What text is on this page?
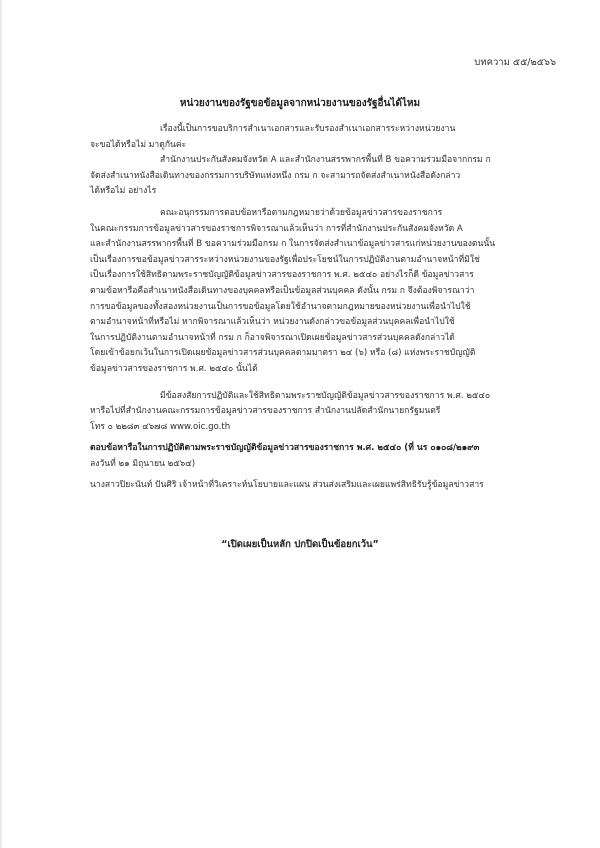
บทความ ๕๕/๒๕๖๖
หน่วยงานของรัฐขอข้อมูลจากหน่วยงานของรัฐอื่นได้ไหม
เรื่องนี้เป็นการขอบริการสำเนาเอกสารและรับรองสำเนาเอกสารระหว่างหน่วยงาน
จะขอได้หรือไม่ มาดูกันค่ะ
สำนักงานประกันสังคมจังหวัด A และสำนักงานสรรพากรพื้นที่ B ขอความร่วมมือจากกรม ก
จัดส่งสำเนาหนังสือเดินทางของกรรมการบริษัทแห่งหนึ่ง กรม ก จะสามารถจัดส่งสำเนาหนังสือดังกล่าว
ได้หรือไม่ อย่างไร
คณะอนุกรรมการตอบข้อหารือตามกฎหมายว่าด้วยข้อมูลข่าวสารของราชการ
ในคณะกรรมการข้อมูลข่าวสารของราชการพิจารณาแล้วเห็นว่า การที่สำนักงานประกันสังคมจังหวัด A
และสำนักงานสรรพากรพื้นที่ B ขอความร่วมมือกรม ก ในการจัดส่งสำเนาข้อมูลข่าวสารแก่หน่วยงานของตนนั้น
เป็นเรื่องการขอข้อมูลข่าวสารระหว่างหน่วยงานของรัฐเพื่อประโยชน์ในการปฏิบัติงานตามอำนาจหน้าที่มิใช่
เป็นเรื่องการใช้สิทธิตามพระราชบัญญัติข้อมูลข่าวสารของราชการ พ.ศ. ๒๕๔๐ อย่างไรก็ดี ข้อมูลข่าวสาร
ตามข้อหารือคือสำเนาหนังสือเดินทางของบุคคลหรือเป็นข้อมูลส่วนบุคคล ดังนั้น กรม ก จึงต้องพิจารณาว่า
การขอข้อมูลของทั้งสองหน่วยงานเป็นการขอข้อมูลโดยใช้อำนาจตามกฎหมายของหน่วยงานเพื่อนำไปใช้
ตามอำนาจหน้าที่หรือไม่ หากพิจารณาแล้วเห็นว่า หน่วยงานดังกล่าวขอข้อมูลส่วนบุคคลเพื่อนำไปใช้
ในการปฏิบัติงานตามอำนาจหน้าที่ กรม ก ก็อาจพิจารณาเปิดเผยข้อมูลข่าวสารส่วนบุคคลดังกล่าวได้
โดยเข้าข้อยกเว้นในการเปิดเผยข้อมูลข่าวสารส่วนบุคคลตามมาตรา ๒๔ (๖) หรือ (๘) แห่งพระราชบัญญัติ
ข้อมูลข่าวสารของราชการ พ.ศ. ๒๕๔๐ นั้นได้
มีข้อสงสัยการปฏิบัติและใช้สิทธิตามพระราชบัญญัติข้อมูลข่าวสารของราชการ พ.ศ. ๒๕๔๐
หารือไปที่สำนักงานคณะกรรมการข้อมูลข่าวสารของราชการ สำนักงานปลัดสำนักนายกรัฐมนตรี
โทร ๐ ๒๒๘๓ ๔๖๗๘ www.oic.go.th
ตอบข้อหารือในการปฏิบัติตามพระราชบัญญัติข้อมูลข่าวสารของราชการ พ.ศ. ๒๕๔๐ (ที่ นร ๐๑๐๘/๒๑๙๓
ลงวันที่ ๒๑ มิถุนายน ๒๕๖๔)
นางสาวปิยะนันท์ ปันศิริ เจ้าหน้าที่วิเคราะห์นโยบายและแผน ส่วนส่งเสริมและเผยแพร่สิทธิรับรู้ข้อมูลข่าวสาร
“เปิดเผยเป็นหลัก ปกปิดเป็นข้อยกเว้น”
